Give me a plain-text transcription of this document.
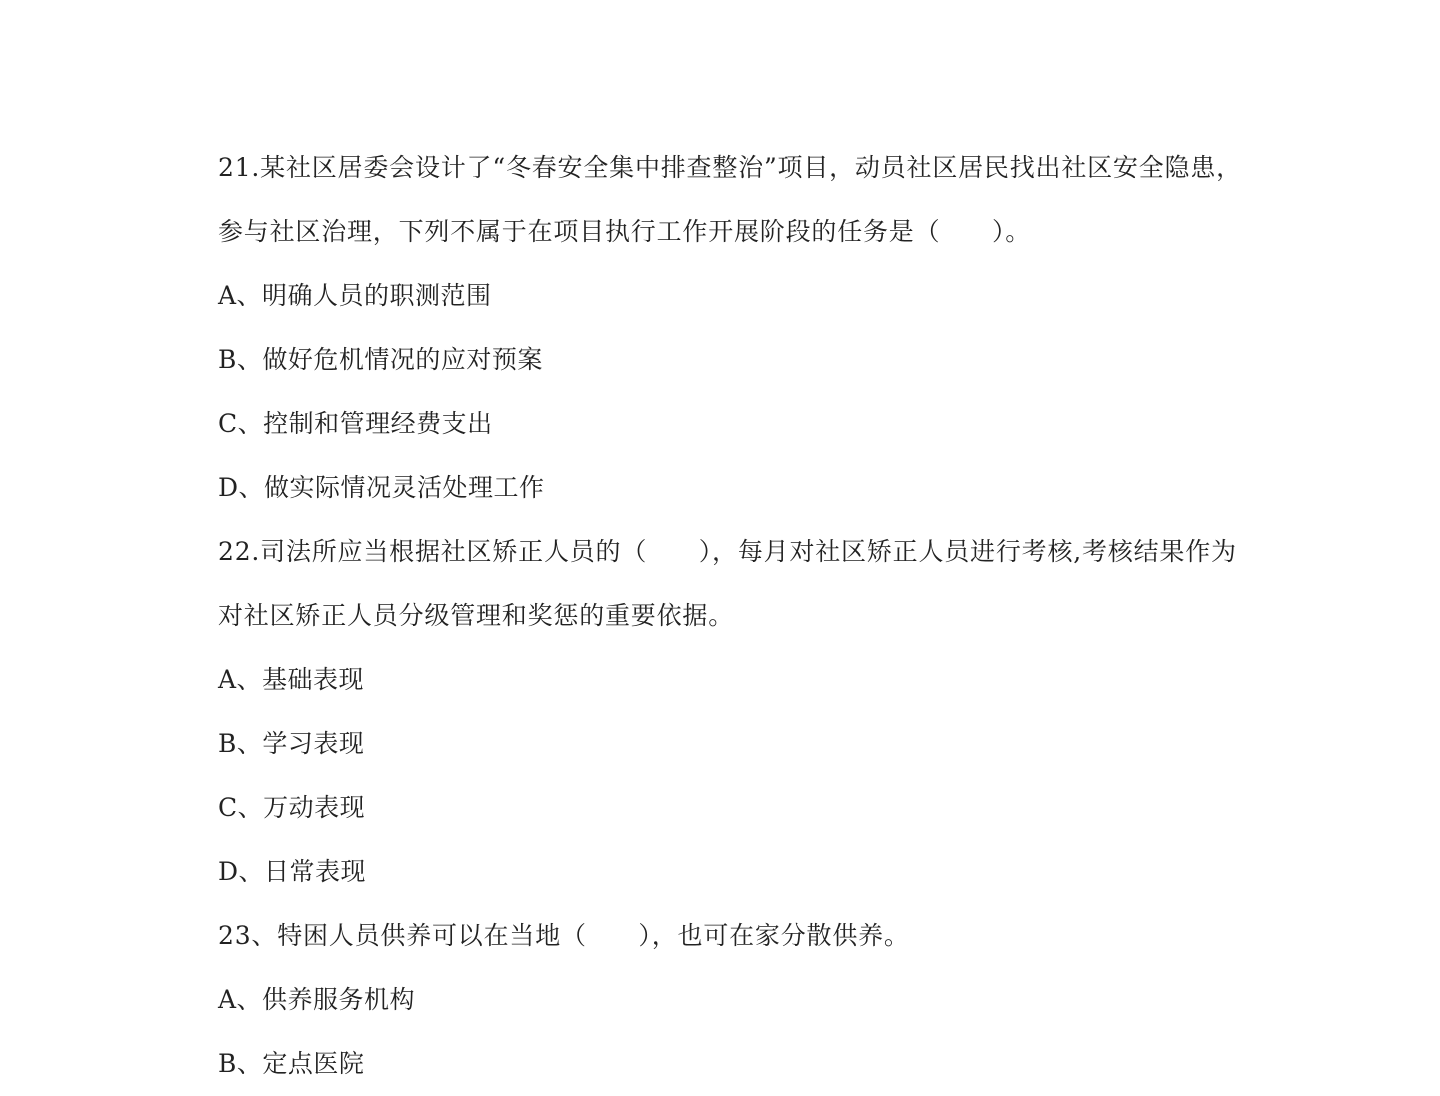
21.某社区居委会设计了“冬春安全集中排查整治”项目，动员社区居民找出社区安全隐患，
参与社区治理，下列不属于在项目执行工作开展阶段的任务是（　　）。
A、明确人员的职测范围
B、做好危机情况的应对预案
C、控制和管理经费支出
D、做实际情况灵活处理工作
22.司法所应当根据社区矫正人员的（　　），每月对社区矫正人员进行考核,考核结果作为
对社区矫正人员分级管理和奖惩的重要依据。
A、基础表现
B、学习表现
C、万动表现
D、日常表现
23、特困人员供养可以在当地（　　），也可在家分散供养。
A、供养服务机构
B、定点医院
